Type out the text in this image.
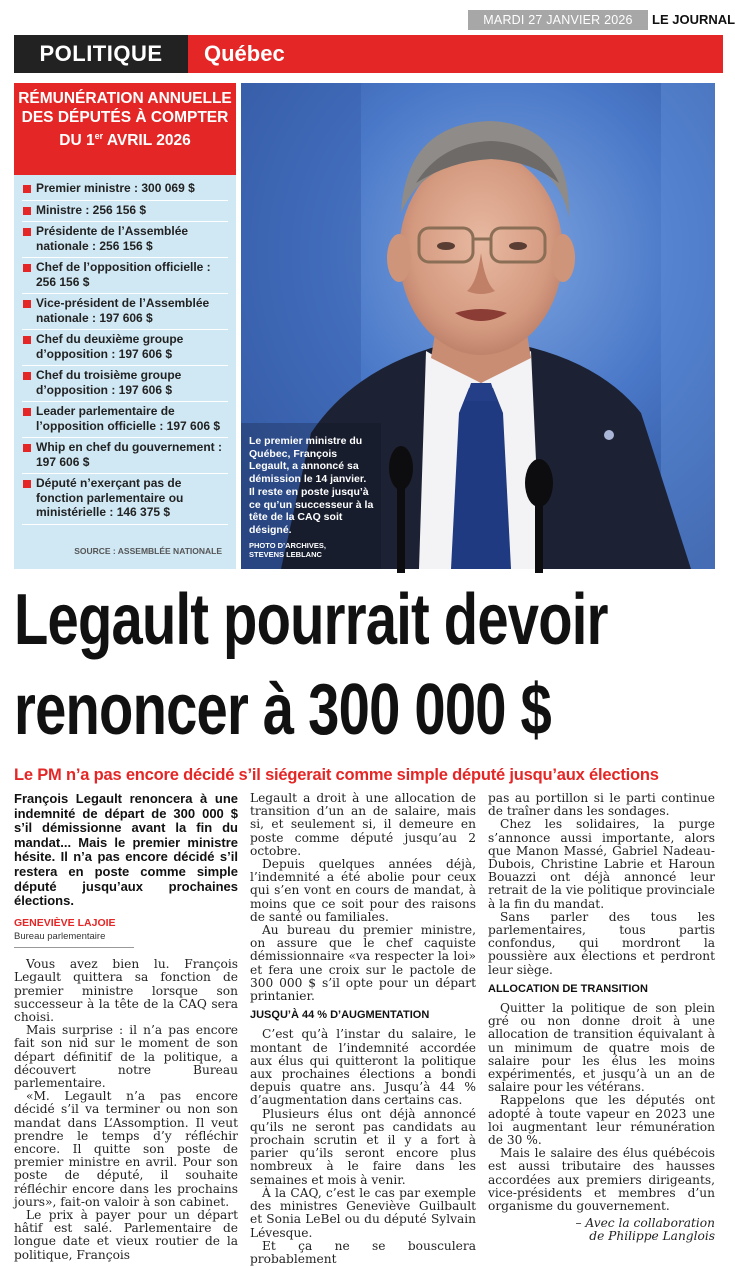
MARDI 27 JANVIER 2026	LE JOURNAL
POLITIQUE	Québec
RÉMUNÉRATION ANNUELLE
DES DÉPUTÉS À COMPTER
DU 1er AVRIL 2026
Premier ministre : 300 069 $
Ministre : 256 156 $
Présidente de l’Assemblée nationale : 256 156 $
Chef de l’opposition officielle : 256 156 $
Vice-président de l’Assemblée nationale : 197 606 $
Chef du deuxième groupe d’opposition : 197 606 $
Chef du troisième groupe d’opposition : 197 606 $
Leader parlementaire de l’opposition officielle : 197 606 $
Whip en chef du gouvernement : 197 606 $
Député n’exerçant pas de fonction parlementaire ou ministérielle : 146 375 $
SOURCE : ASSEMBLÉE NATIONALE
Le premier ministre du Québec, François Legault, a annoncé sa démission le 14 janvier. Il reste en poste jusqu’à ce qu’un successeur à la tête de la CAQ soit désigné.
PHOTO D’ARCHIVES,
STEVENS LEBLANC
Legault pourrait devoir
renoncer à 300 000 $
Le PM n’a pas encore décidé s’il siégerait comme simple député jusqu’aux élections

François Legault renoncera à une indemnité de départ de 300 000 $ s’il démissionne avant la fin du mandat... Mais le premier ministre hésite. Il n’a pas encore décidé s’il restera en poste comme simple député jusqu’aux prochaines élections.

GENEVIÈVE LAJOIE
Bureau parlementaire

Vous avez bien lu. François Legault quittera sa fonction de premier ministre lorsque son successeur à la tête de la CAQ sera choisi.

Mais surprise : il n’a pas encore fait son nid sur le moment de son départ définitif de la politique, a découvert notre Bureau parlementaire.

«M. Legault n’a pas encore décidé s’il va terminer ou non son mandat dans L’Assomption. Il veut prendre le temps d’y réfléchir encore. Il quitte son poste de premier ministre en avril. Pour son poste de député, il souhaite réfléchir encore dans les prochains jours», fait-on valoir à son cabinet.

Le prix à payer pour un départ hâtif est salé. Parlementaire de longue date et vieux routier de la politique, François

Legault a droit à une allocation de transition d’un an de salaire, mais si, et seulement si, il demeure en poste comme député jusqu’au 2 octobre.

Depuis quelques années déjà, l’indemnité a été abolie pour ceux qui s’en vont en cours de mandat, à moins que ce soit pour des raisons de santé ou familiales.

Au bureau du premier ministre, on assure que le chef caquiste démissionnaire «va respecter la loi» et fera une croix sur le pactole de 300 000 $ s’il opte pour un départ printanier.

JUSQU’À 44 % D’AUGMENTATION

C’est qu’à l’instar du salaire, le montant de l’indemnité accordée aux élus qui quitteront la politique aux prochaines élections a bondi depuis quatre ans. Jusqu’à 44 % d’augmentation dans certains cas.

Plusieurs élus ont déjà annoncé qu’ils ne seront pas candidats au prochain scrutin et il y a fort à parier qu’ils seront encore plus nombreux à le faire dans les semaines et mois à venir.

À la CAQ, c’est le cas par exemple des ministres Geneviève Guilbault et Sonia LeBel ou du député Sylvain Lévesque.

Et ça ne se bousculera probablement

pas au portillon si le parti continue de traîner dans les sondages.

Chez les solidaires, la purge s’annonce aussi importante, alors que Manon Massé, Gabriel Nadeau-Dubois, Christine Labrie et Haroun Bouazzi ont déjà annoncé leur retrait de la vie politique provinciale à la fin du mandat.

Sans parler des tous les parlementaires, tous partis confondus, qui mordront la poussière aux élections et perdront leur siège.

ALLOCATION DE TRANSITION

Quitter la politique de son plein gré ou non donne droit à une allocation de transition équivalant à un minimum de quatre mois de salaire pour les élus les moins expérimentés, et jusqu’à un an de salaire pour les vétérans.

Rappelons que les députés ont adopté à toute vapeur en 2023 une loi augmentant leur rémunération de 30 %.

Mais le salaire des élus québécois est aussi tributaire des hausses accordées aux premiers dirigeants, vice-présidents et membres d’un organisme du gouvernement.

– Avec la collaboration
de Philippe Langlois
